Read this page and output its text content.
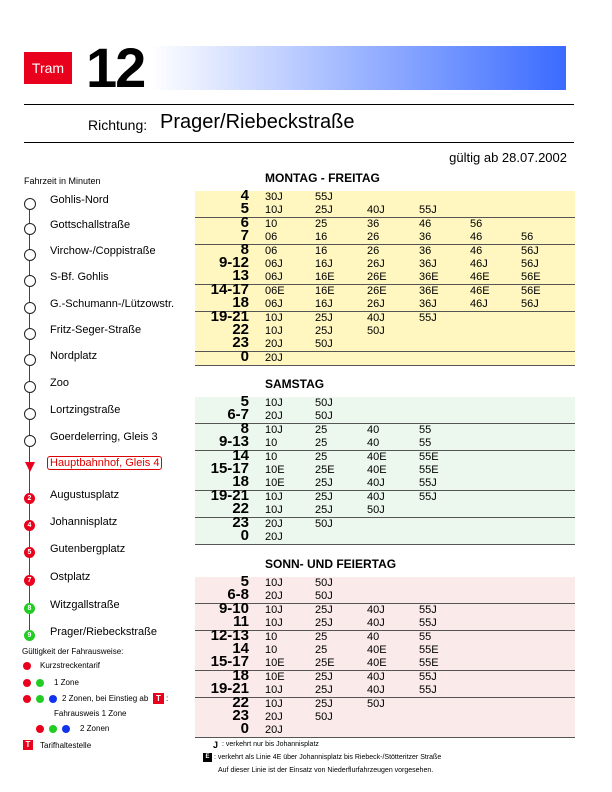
Tram 12
Richtung: Prager/Riebeckstraße
gültig ab 28.07.2002
Fahrzeit in Minuten
Gohlis-Nord
Gottschallstraße
Virchow-/Coppistraße
S-Bf. Gohlis
G.-Schumann-/Lützowstr.
Fritz-Seger-Straße
Nordplatz
Zoo
Lortzingstraße
Goerdelerring, Gleis 3
Hauptbahnhof, Gleis 4
2	Augustusplatz
4	Johannisplatz
5	Gutenbergplatz
7	Ostplatz
8	Witzgallstraße
9	Prager/Riebeckstraße
Gültigkeit der Fahrausweise:
Kurzstreckentarif
1 Zone
2 Zonen, bei Einstieg ab T :
Fahrausweis 1 Zone
2 Zonen
T	Tarifhaltestelle
MONTAG - FREITAG
4 30J	55J
5 10J	25J	40J	55J
6 10	25	36	46	56
7 06	16	26	36	46	56
8 06	16	26	36	46	56J
9-12 06J	16J	26J	36J	46J	56J
13 06J	16E	26E	36E	46E	56E
14-17 06E	16E	26E	36E	46E	56E
18 06J	16J	26J	36J	46J	56J
19-21 10J	25J	40J	55J
22 10J	25J	50J
23 20J	50J
0 20J
SAMSTAG
5 10J	50J
6-7 20J	50J
8 10J	25	40	55
9-13 10	25	40	55
14 10	25	40E	55E
15-17 10E	25E	40E	55E
18 10E	25J	40J	55J
19-21 10J	25J	40J	55J
22 10J	25J	50J
23 20J	50J
0 20J
SONN- UND FEIERTAG
5 10J	50J
6-8 20J	50J
9-10 10J	25J	40J	55J
11 10J	25J	40J	55J
12-13 10	25	40	55
14 10	25	40E	55E
15-17 10E	25E	40E	55E
18 10E	25J	40J	55J
19-21 10J	25J	40J	55J
22 10J	25J	50J
23 20J	50J
0 20J
J : verkehrt nur bis Johannisplatz
E : verkehrt als Linie 4E über Johannisplatz bis Riebeck-/Stötteritzer Straße
Auf dieser Linie ist der Einsatz von Niederflurfahrzeugen vorgesehen.
